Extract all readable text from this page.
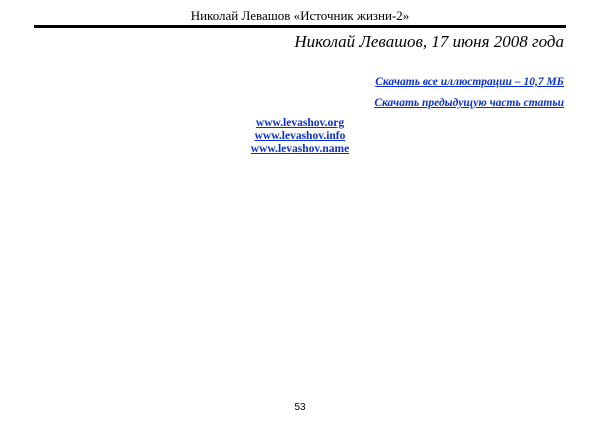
Николай Левашов «Источник жизни-2»
Николай Левашов, 17 июня 2008 года
Скачать все иллюстрации – 10,7 МБ
Скачать предыдущую часть статьи
www.levashov.org
www.levashov.info
www.levashov.name
53
